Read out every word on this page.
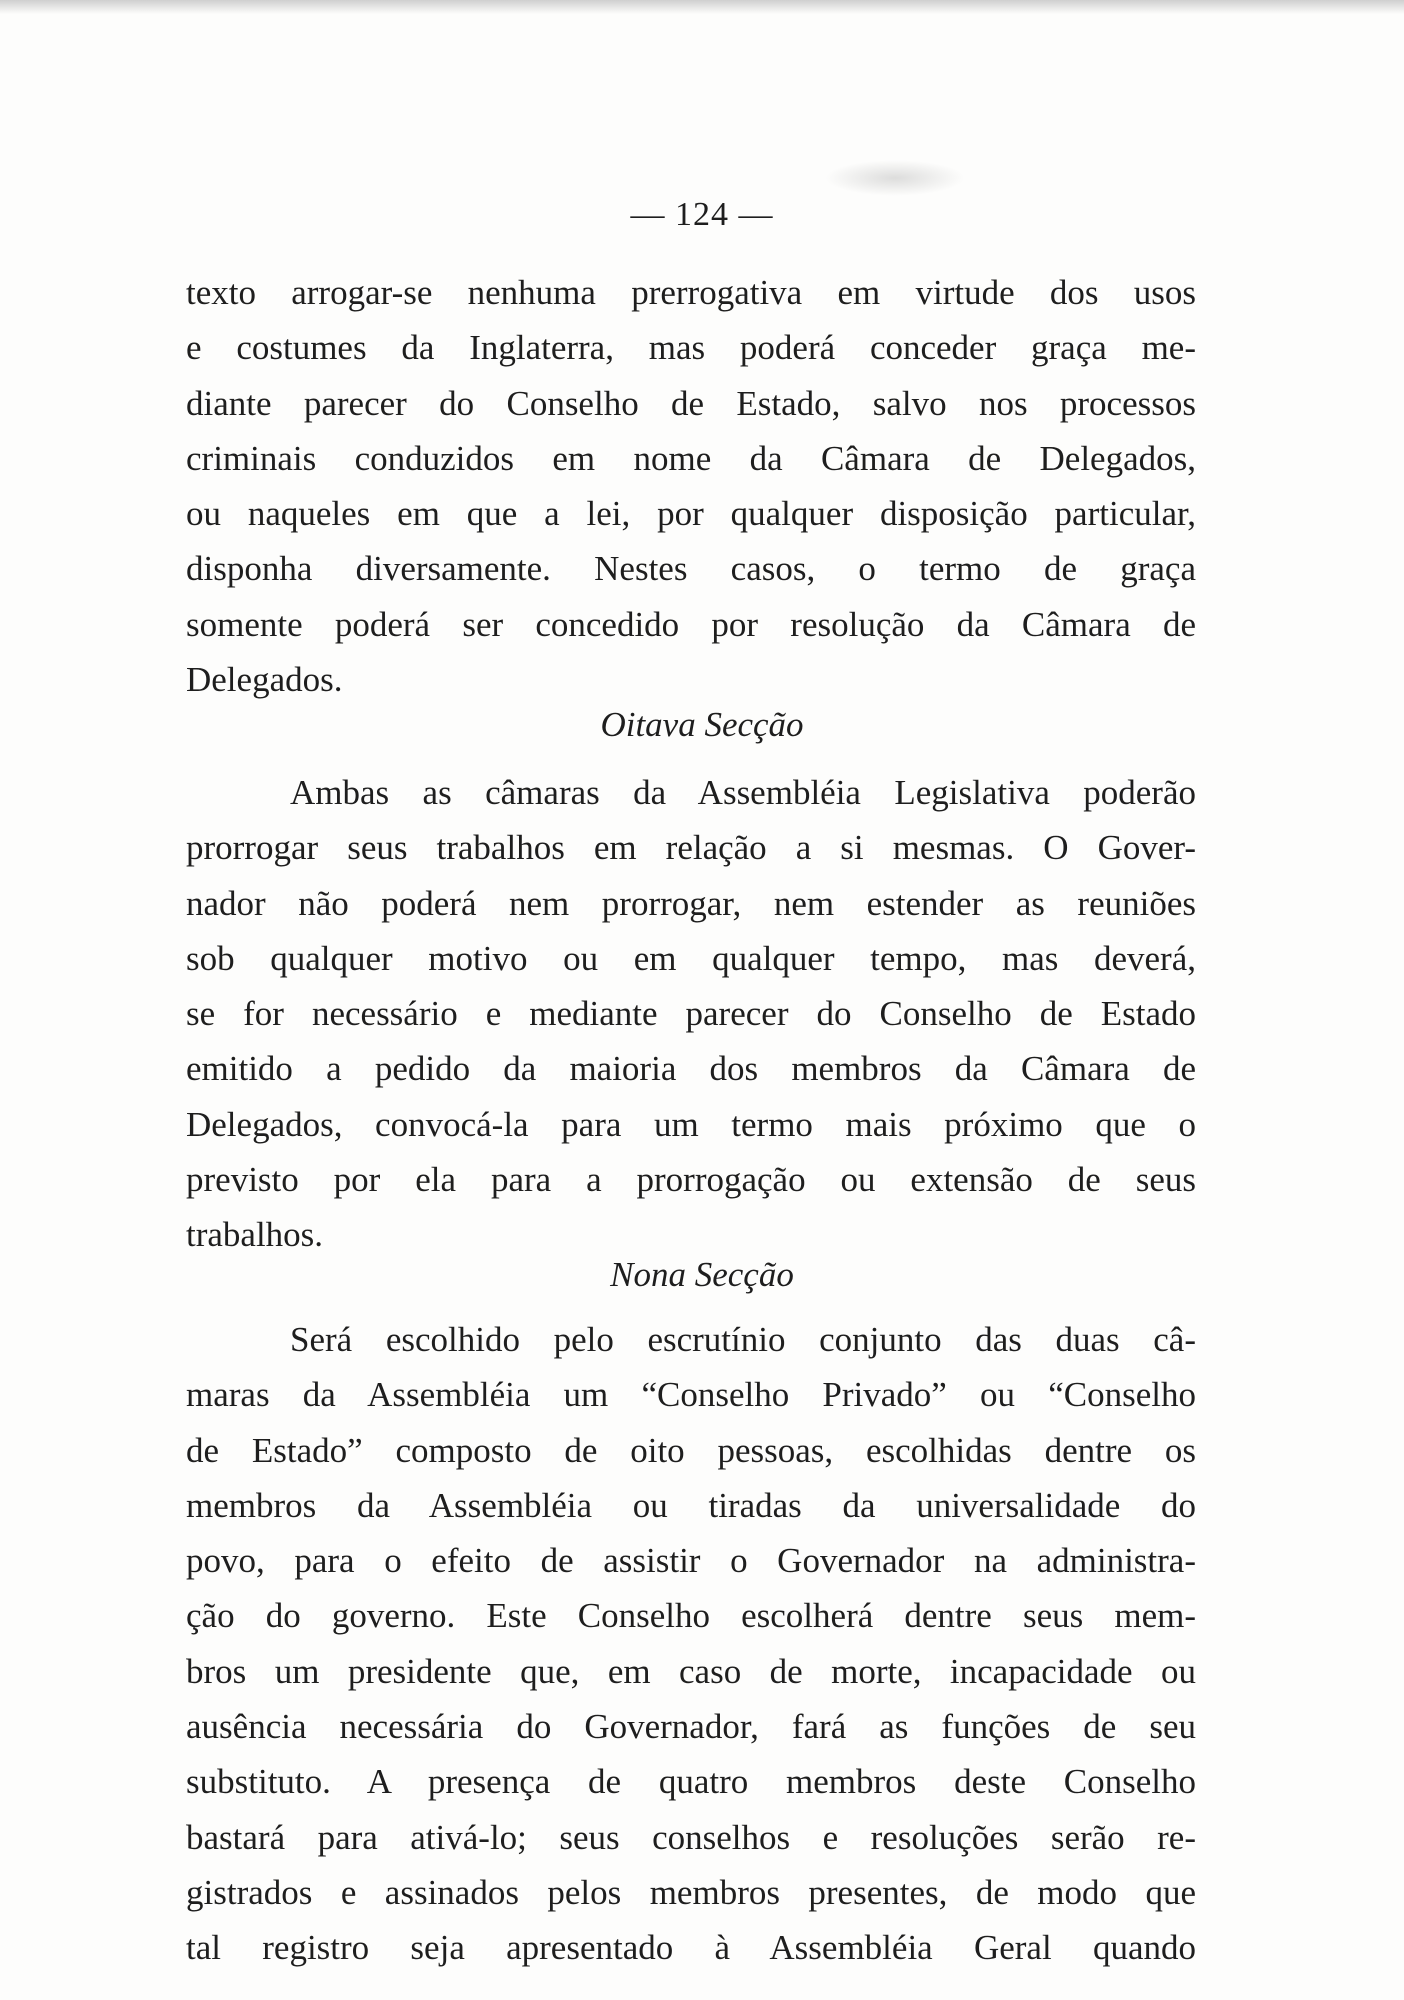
— 124 —
texto arrogar-se nenhuma prerrogativa em virtude dos usos
e costumes da Inglaterra, mas poderá conceder graça me-
diante parecer do Conselho de Estado, salvo nos processos
criminais conduzidos em nome da Câmara de Delegados,
ou naqueles em que a lei, por qualquer disposição particular,
disponha diversamente. Nestes casos, o termo de graça
somente poderá ser concedido por resolução da Câmara de
Delegados.
Oitava Secção
Ambas as câmaras da Assembléia Legislativa poderão
prorrogar seus trabalhos em relação a si mesmas. O Gover-
nador não poderá nem prorrogar, nem estender as reuniões
sob qualquer motivo ou em qualquer tempo, mas deverá,
se for necessário e mediante parecer do Conselho de Estado
emitido a pedido da maioria dos membros da Câmara de
Delegados, convocá-la para um termo mais próximo que o
previsto por ela para a prorrogação ou extensão de seus
trabalhos.
Nona Secção
Será escolhido pelo escrutínio conjunto das duas câ-
maras da Assembléia um “Conselho Privado” ou “Conselho
de Estado” composto de oito pessoas, escolhidas dentre os
membros da Assembléia ou tiradas da universalidade do
povo, para o efeito de assistir o Governador na administra-
ção do governo. Este Conselho escolherá dentre seus mem-
bros um presidente que, em caso de morte, incapacidade ou
ausência necessária do Governador, fará as funções de seu
substituto. A presença de quatro membros deste Conselho
bastará para ativá-lo; seus conselhos e resoluções serão re-
gistrados e assinados pelos membros presentes, de modo que
tal registro seja apresentado à Assembléia Geral quando
